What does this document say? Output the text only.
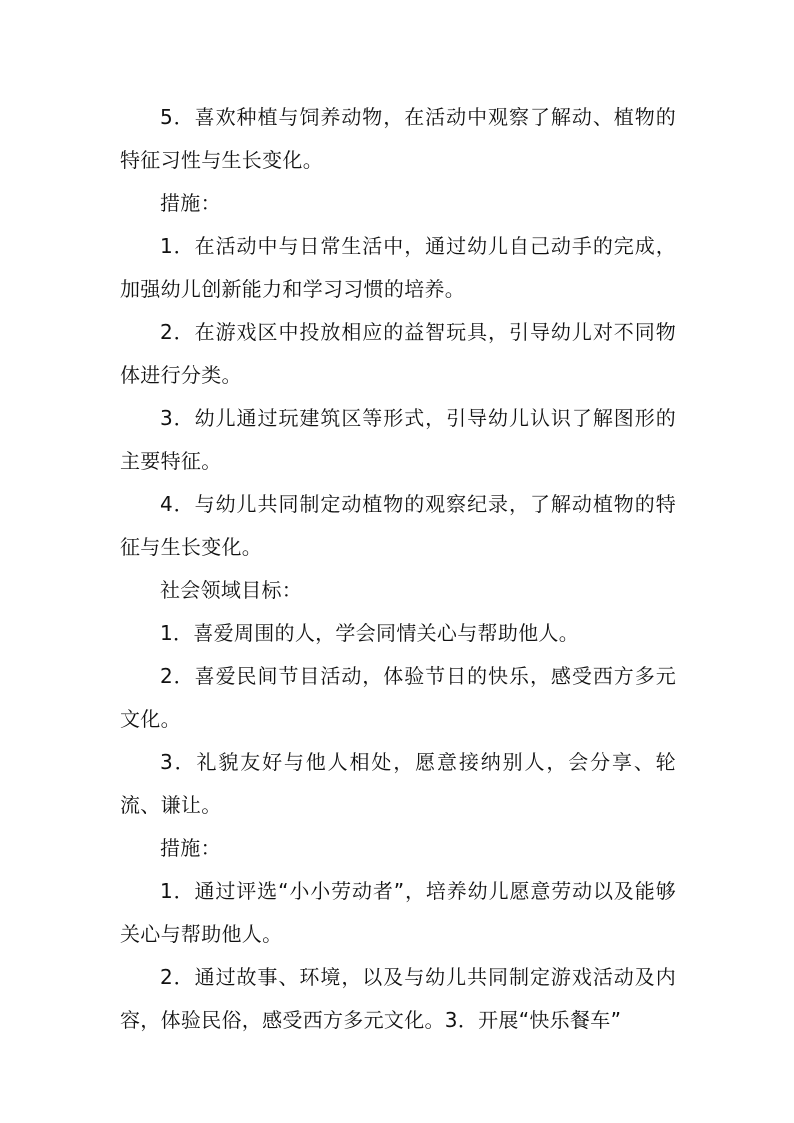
5．喜欢种植与饲养动物，在活动中观察了解动、植物的特征习性与生长变化。

措施：

1．在活动中与日常生活中，通过幼儿自己动手的完成，加强幼儿创新能力和学习习惯的培养。

2．在游戏区中投放相应的益智玩具，引导幼儿对不同物体进行分类。

3．幼儿通过玩建筑区等形式，引导幼儿认识了解图形的主要特征。

4．与幼儿共同制定动植物的观察纪录，了解动植物的特征与生长变化。

社会领域目标：

1．喜爱周围的人，学会同情关心与帮助他人。

2．喜爱民间节目活动，体验节日的快乐，感受西方多元文化。

3．礼貌友好与他人相处，愿意接纳别人，会分享、轮流、谦让。

措施：

1．通过评选“小小劳动者”，培养幼儿愿意劳动以及能够关心与帮助他人。

2．通过故事、环境，以及与幼儿共同制定游戏活动及内容，体验民俗，感受西方多元文化。3．开展“快乐餐车”
